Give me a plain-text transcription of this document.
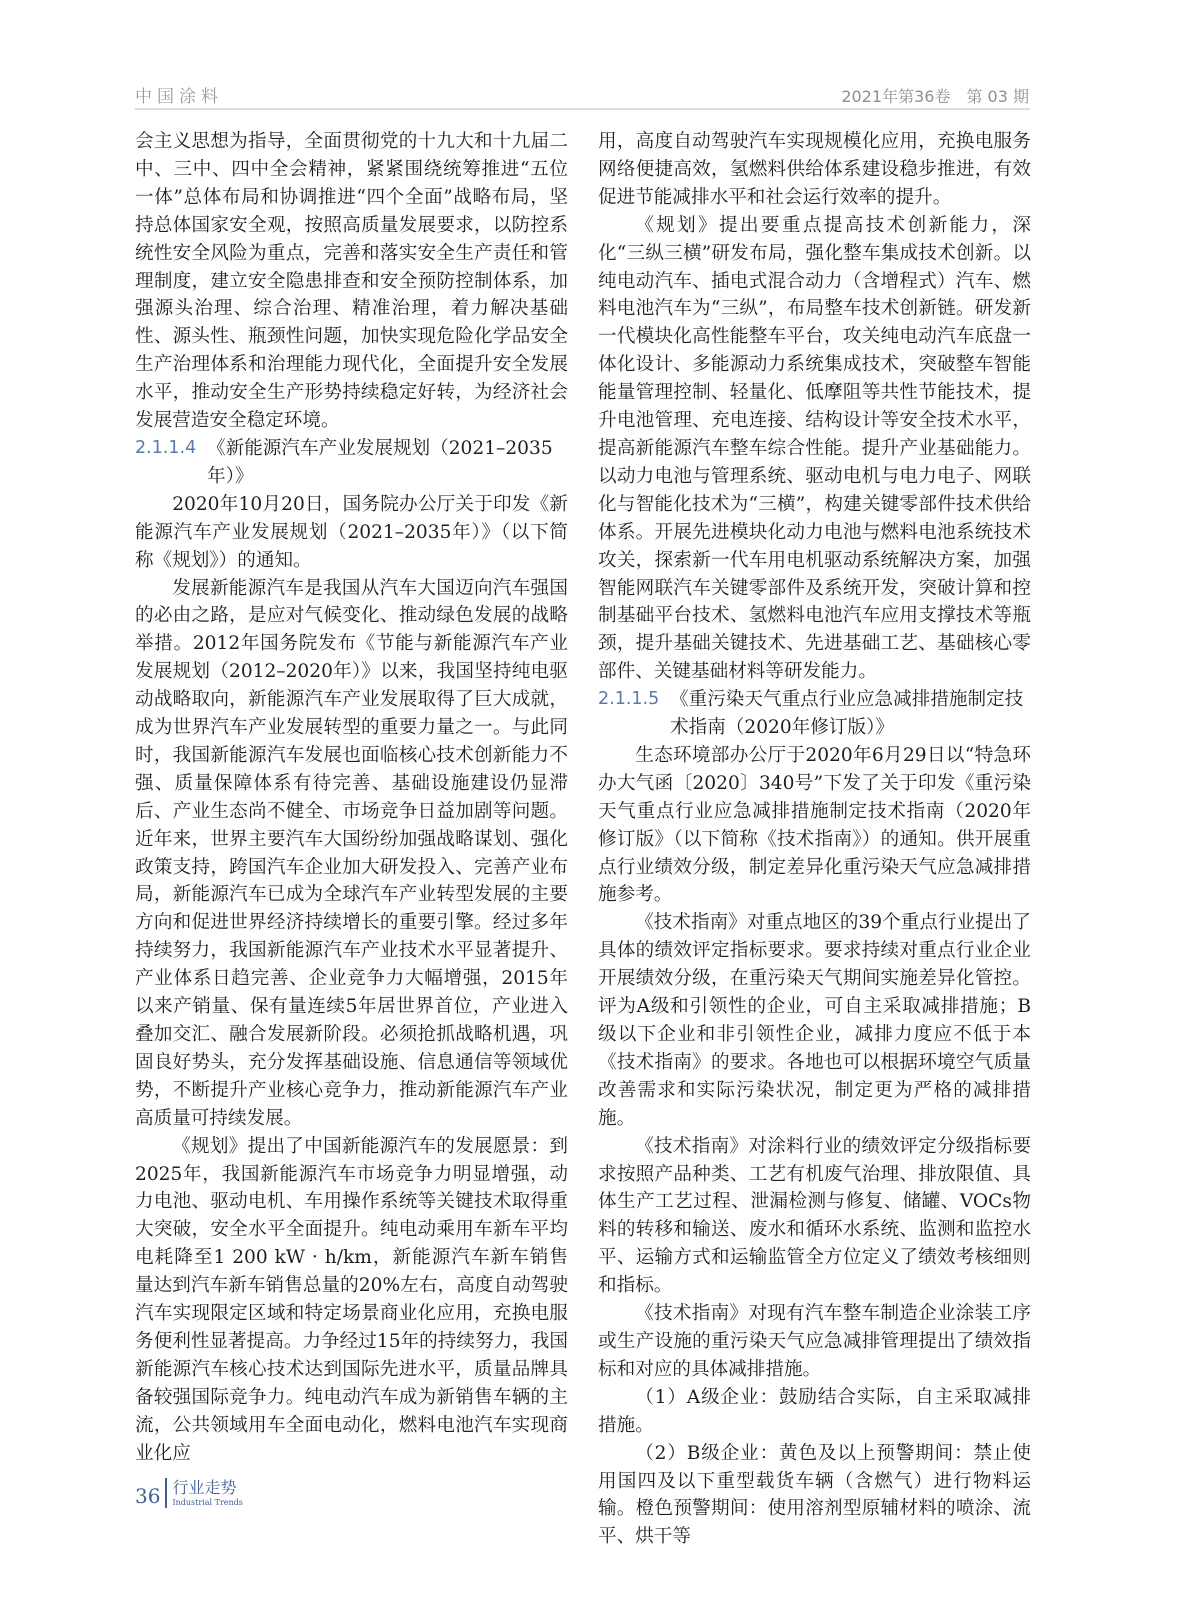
中国涂料	2021年第36卷　第 03 期

会主义思想为指导，全面贯彻党的十九大和十九届二中、三中、四中全会精神，紧紧围绕统筹推进“五位一体”总体布局和协调推进“四个全面”战略布局，坚持总体国家安全观，按照高质量发展要求，以防控系统性安全风险为重点，完善和落实安全生产责任和管理制度，建立安全隐患排查和安全预防控制体系，加强源头治理、综合治理、精准治理，着力解决基础性、源头性、瓶颈性问题，加快实现危险化学品安全生产治理体系和治理能力现代化，全面提升安全发展水平，推动安全生产形势持续稳定好转，为经济社会发展营造安全稳定环境。

2.1.1.4 《新能源汽车产业发展规划（2021–2035年）》

2020年10月20日，国务院办公厅关于印发《新能源汽车产业发展规划（2021–2035年）》（以下简称《规划》）的通知。

发展新能源汽车是我国从汽车大国迈向汽车强国的必由之路，是应对气候变化、推动绿色发展的战略举措。2012年国务院发布《节能与新能源汽车产业发展规划（2012–2020年）》以来，我国坚持纯电驱动战略取向，新能源汽车产业发展取得了巨大成就，成为世界汽车产业发展转型的重要力量之一。与此同时，我国新能源汽车发展也面临核心技术创新能力不强、质量保障体系有待完善、基础设施建设仍显滞后、产业生态尚不健全、市场竞争日益加剧等问题。近年来，世界主要汽车大国纷纷加强战略谋划、强化政策支持，跨国汽车企业加大研发投入、完善产业布局，新能源汽车已成为全球汽车产业转型发展的主要方向和促进世界经济持续增长的重要引擎。经过多年持续努力，我国新能源汽车产业技术水平显著提升、产业体系日趋完善、企业竞争力大幅增强，2015年以来产销量、保有量连续5年居世界首位，产业进入叠加交汇、融合发展新阶段。必须抢抓战略机遇，巩固良好势头，充分发挥基础设施、信息通信等领域优势，不断提升产业核心竞争力，推动新能源汽车产业高质量可持续发展。

《规划》提出了中国新能源汽车的发展愿景：到2025年，我国新能源汽车市场竞争力明显增强，动力电池、驱动电机、车用操作系统等关键技术取得重大突破，安全水平全面提升。纯电动乘用车新车平均电耗降至1 200 kW · h/km，新能源汽车新车销售量达到汽车新车销售总量的20%左右，高度自动驾驶汽车实现限定区域和特定场景商业化应用，充换电服务便利性显著提高。力争经过15年的持续努力，我国新能源汽车核心技术达到国际先进水平，质量品牌具备较强国际竞争力。纯电动汽车成为新销售车辆的主流，公共领域用车全面电动化，燃料电池汽车实现商业化应

用，高度自动驾驶汽车实现规模化应用，充换电服务网络便捷高效，氢燃料供给体系建设稳步推进，有效促进节能减排水平和社会运行效率的提升。

《规划》提出要重点提高技术创新能力，深化“三纵三横”研发布局，强化整车集成技术创新。以纯电动汽车、插电式混合动力（含增程式）汽车、燃料电池汽车为“三纵”，布局整车技术创新链。研发新一代模块化高性能整车平台，攻关纯电动汽车底盘一体化设计、多能源动力系统集成技术，突破整车智能能量管理控制、轻量化、低摩阻等共性节能技术，提升电池管理、充电连接、结构设计等安全技术水平，提高新能源汽车整车综合性能。提升产业基础能力。以动力电池与管理系统、驱动电机与电力电子、网联化与智能化技术为“三横”，构建关键零部件技术供给体系。开展先进模块化动力电池与燃料电池系统技术攻关，探索新一代车用电机驱动系统解决方案，加强智能网联汽车关键零部件及系统开发，突破计算和控制基础平台技术、氢燃料电池汽车应用支撑技术等瓶颈，提升基础关键技术、先进基础工艺、基础核心零部件、关键基础材料等研发能力。

2.1.1.5 《重污染天气重点行业应急减排措施制定技术指南（2020年修订版）》

生态环境部办公厅于2020年6月29日以“特急环办大气函〔2020〕340号”下发了关于印发《重污染天气重点行业应急减排措施制定技术指南（2020年修订版》（以下简称《技术指南》）的通知。供开展重点行业绩效分级，制定差异化重污染天气应急减排措施参考。

《技术指南》对重点地区的39个重点行业提出了具体的绩效评定指标要求。要求持续对重点行业企业开展绩效分级，在重污染天气期间实施差异化管控。评为A级和引领性的企业，可自主采取减排措施；B级以下企业和非引领性企业，减排力度应不低于本《技术指南》的要求。各地也可以根据环境空气质量改善需求和实际污染状况，制定更为严格的减排措施。

《技术指南》对涂料行业的绩效评定分级指标要求按照产品种类、工艺有机废气治理、排放限值、具体生产工艺过程、泄漏检测与修复、储罐、VOCs物料的转移和输送、废水和循环水系统、监测和监控水平、运输方式和运输监管全方位定义了绩效考核细则和指标。

《技术指南》对现有汽车整车制造企业涂装工序或生产设施的重污染天气应急减排管理提出了绩效指标和对应的具体减排措施。

（1）A级企业：鼓励结合实际，自主采取减排措施。

（2）B级企业：黄色及以上预警期间：禁止使用国四及以下重型载货车辆（含燃气）进行物料运输。橙色预警期间：使用溶剂型原辅材料的喷涂、流平、烘干等

36 行业走势
Industrial Trends
